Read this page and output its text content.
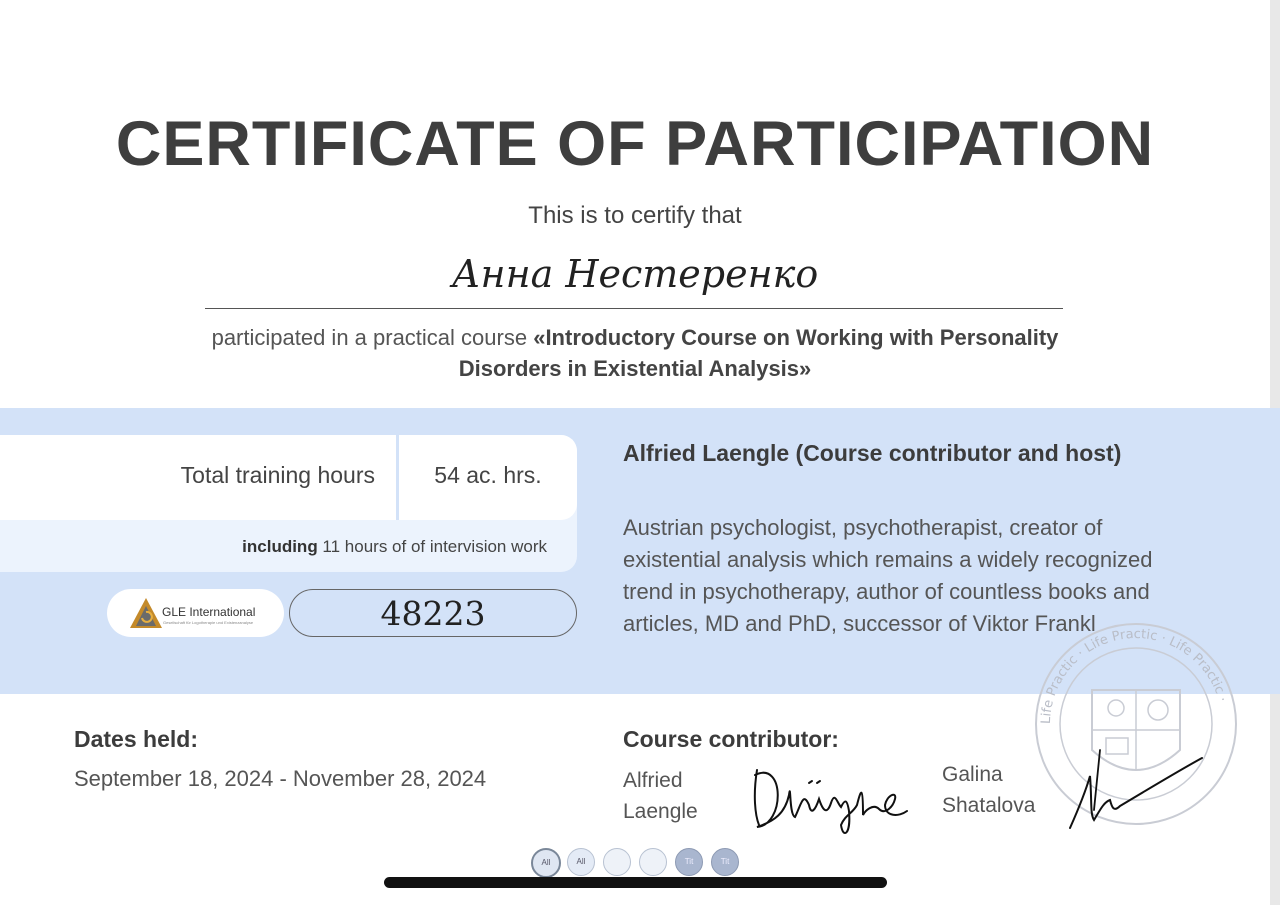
CERTIFICATE OF PARTICIPATION
This is to certify that
Анна Нестеренко
participated in a practical course «Introductory Course on Working with Personality Disorders in Existential Analysis»
Total training hours	54 ac. hrs.
including 11 hours of of intervision work
GLE International
Gesellschaft für Logotherapie und Existenzanalyse	48223
Alfried Laengle (Course contributor and host)
Austrian psychologist, psychotherapist, creator of existential analysis which remains a widely recognized trend in psychotherapy, author of countless books and articles, MD and PhD, successor of Viktor Frankl
Life Practic · Life Practic · Life Practic ·
Dates held:
September 18, 2024 - November 28, 2024
Course contributor:
Alfried
Laengle
Galina
Shatalova
All	All	Tit	Tit
